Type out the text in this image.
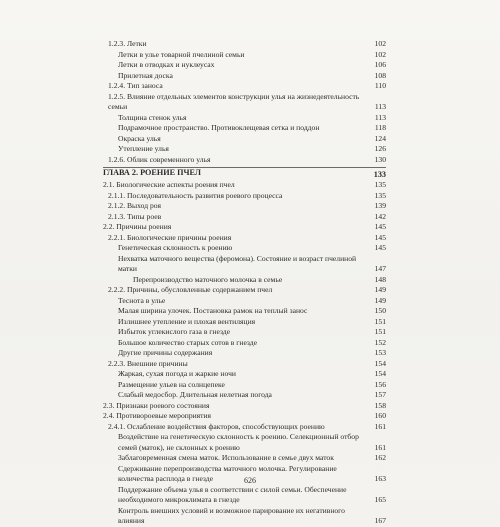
1.2.3. Летки	102
Летки в улье товарной пчелиной семьи	102
Летки в отводках и нуклеусах	106
Прилетная доска	108
1.2.4. Тип заноса	110
1.2.5. Влияние отдельных элементов конструкции улья на жизнедеятельность семьи	113
Толщина стенок улья	113
Подрамочное пространство. Противоклещевая сетка и поддон	118
Окраска улья	124
Утепление улья	126
1.2.6. Облик современного улья	130
ГЛАВА 2. РОЕНИЕ ПЧЕЛ	133
2.1. Биологические аспекты роения пчел	135
2.1.1. Последовательность развития роевого процесса	135
2.1.2. Выход роя	139
2.1.3. Типы роев	142
2.2. Причины роения	145
2.2.1. Биологические причины роения	145
Генетическая склонность к роению	145
Нехватка маточного вещества (феромона). Состояние и возраст пчелиной матки	147
Перепроизводство маточного молочка в семье	148
2.2.2. Причины, обусловленные содержанием пчел	149
Теснота в улье	149
Малая ширина улочек. Постановка рамок на теплый занос	150
Излишнее утепление и плохая вентиляция	151
Избыток углекислого газа в гнезде	151
Большое количество старых сотов в гнезде	152
Другие причины содержания	153
2.2.3. Внешние причины	154
Жаркая, сухая погода и жаркие ночи	154
Размещение ульев на солнцепеке	156
Слабый медосбор. Длительная нелетная погода	157
2.3. Признаки роевого состояния	158
2.4. Противороевые мероприятия	160
2.4.1. Ослабление воздействия факторов, способствующих роению	161
Воздействие на генетическую склонность к роению. Селекционный отбор семей (маток), не склонных к роению	161
Заблаговременная смена маток. Использование в семье двух маток	162
Сдерживание перепроизводства маточного молочка. Регулирование количества расплода в гнезде	163
Поддержание объема улья в соответствии с силой семьи. Обеспечение необходимого микроклимата в гнезде	165
Контроль внешних условий и возможное парирование их негативного влияния	167
626
